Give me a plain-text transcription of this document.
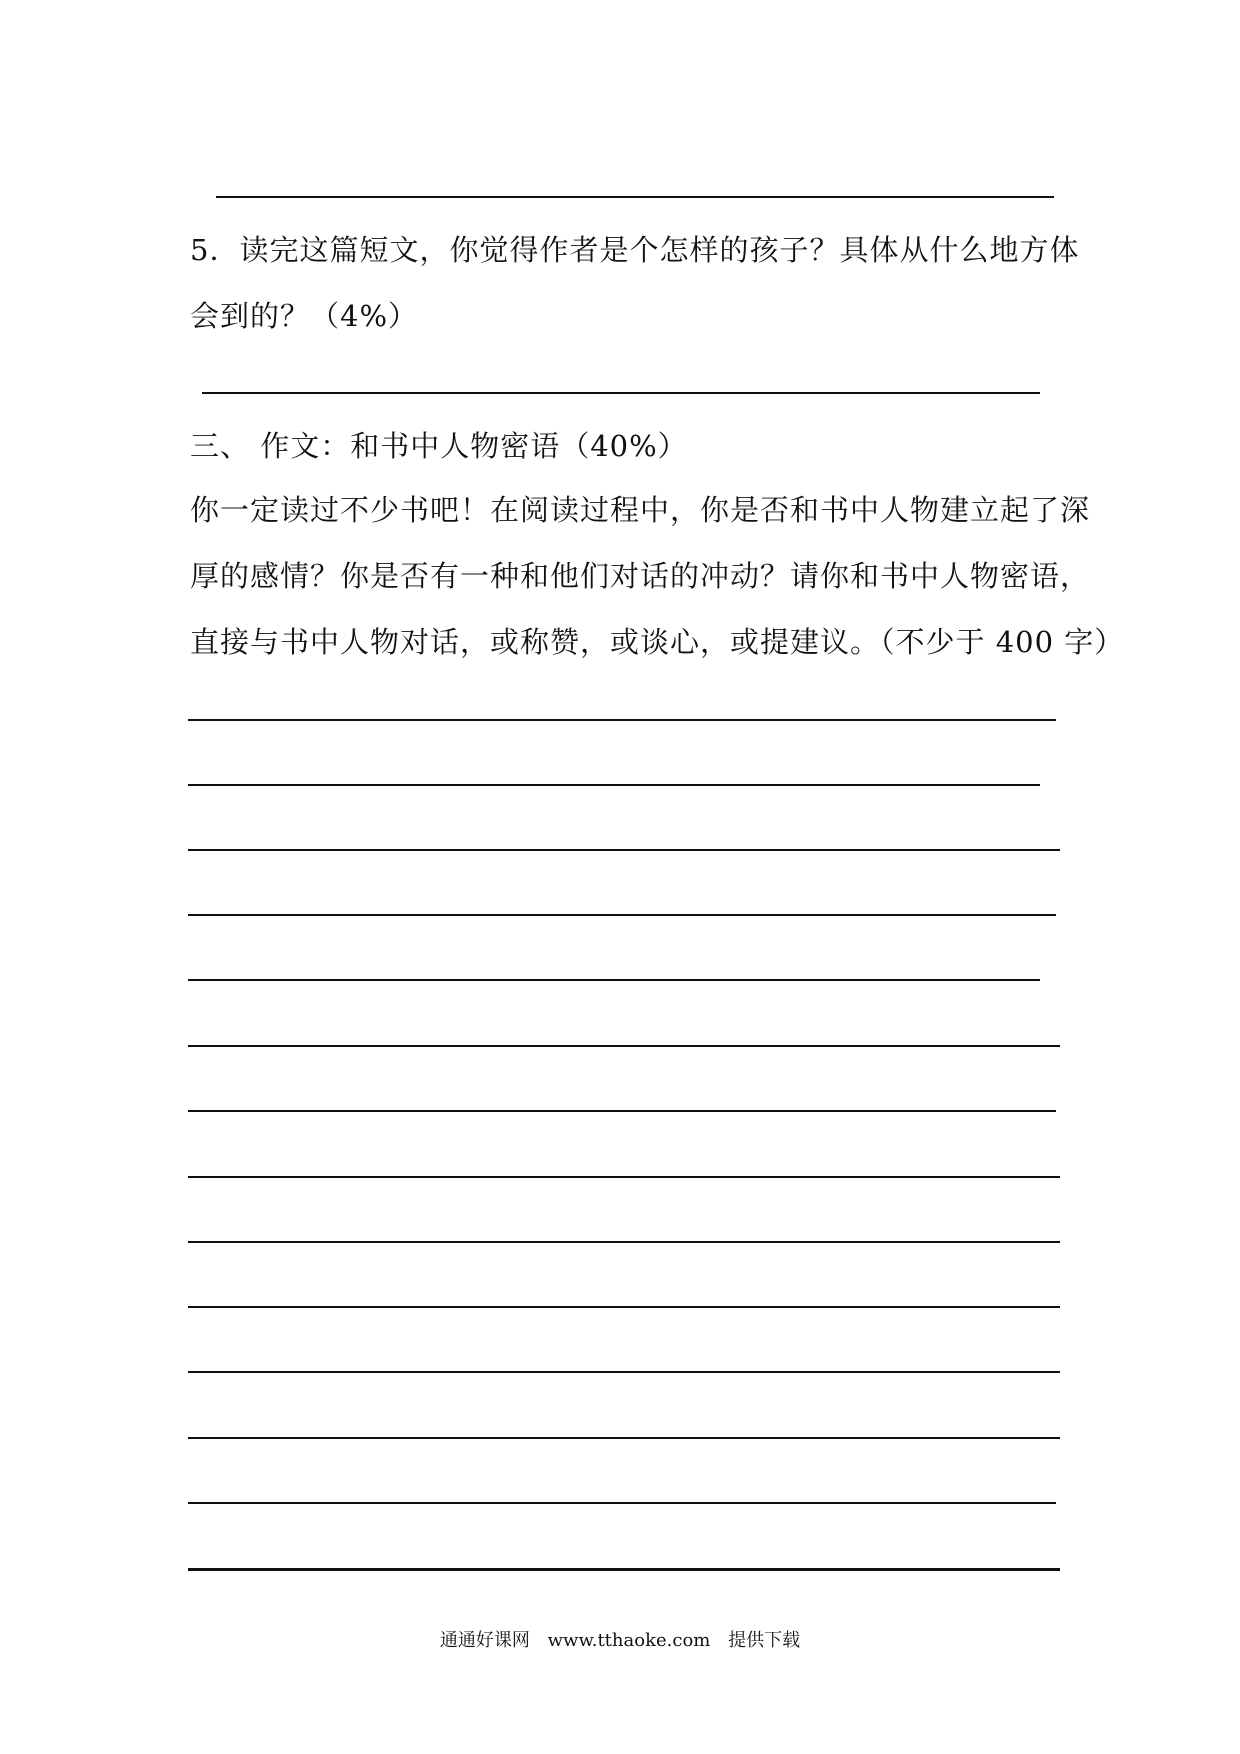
5．读完这篇短文，你觉得作者是个怎样的孩子？具体从什么地方体
会到的？（4%）
三、 作文：和书中人物密语（40%）
你一定读过不少书吧！在阅读过程中，你是否和书中人物建立起了深
厚的感情？你是否有一种和他们对话的冲动？请你和书中人物密语，
直接与书中人物对话，或称赞，或谈心，或提建议。（不少于 400 字）
通通好课网 www.tthaoke.com 提供下载
